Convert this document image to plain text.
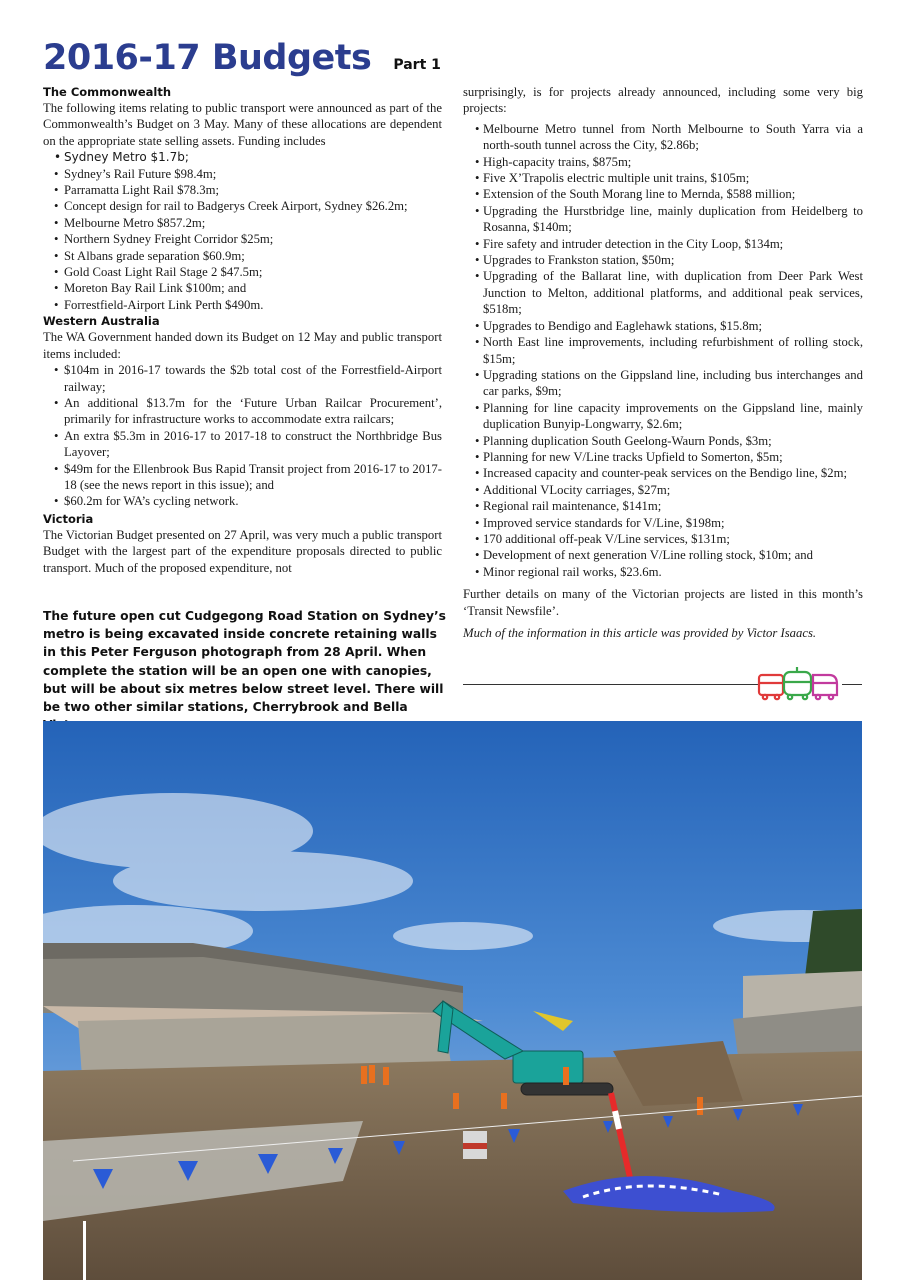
2016-17 Budgets Part 1
The Commonwealth

The following items relating to public transport were announced as part of the Commonwealth’s Budget on 3 May. Many of these allocations are dependent on the appropriate state selling assets. Funding includes

• Sydney Metro $1.7b;
• Sydney’s Rail Future $98.4m;
• Parramatta Light Rail $78.3m;
• Concept design for rail to Badgerys Creek Airport, Sydney $26.2m;
• Melbourne Metro $857.2m;
• Northern Sydney Freight Corridor $25m;
• St Albans grade separation $60.9m;
• Gold Coast Light Rail Stage 2 $47.5m;
• Moreton Bay Rail Link $100m; and
• Forrestfield-Airport Link Perth $490m.
Western Australia

The WA Government handed down its Budget on 12 May and public transport items included:

• $104m in 2016-17 towards the $2b total cost of the Forrestfield-Airport railway;
• An additional $13.7m for the ‘Future Urban Railcar Procurement’, primarily for infrastructure works to accommodate extra railcars;
• An extra $5.3m in 2016-17 to 2017-18 to construct the Northbridge Bus Layover;
• $49m for the Ellenbrook Bus Rapid Transit project from 2016-17 to 2017-18 (see the news report in this issue); and
• $60.2m for WA’s cycling network.
Victoria

The Victorian Budget presented on 27 April, was very much a public transport Budget with the largest part of the expenditure proposals directed to public transport. Much of the proposed expenditure, not

The future open cut Cudgegong Road Station on Sydney’s metro is being excavated inside concrete retaining walls in this Peter Ferguson photograph from 28 April. When complete the station will be an open one with canopies, but will be about six metres below street level. There will be two other similar stations, Cherrybrook and Bella

surprisingly, is for projects already announced, including some very big projects:

• Melbourne Metro tunnel from North Melbourne to South Yarra via a north-south tunnel across the City, $2.86b;
• High-capacity trains, $875m;
• Five X’Trapolis electric multiple unit trains, $105m;
• Extension of the South Morang line to Mernda, $588 million;
• Upgrading the Hurstbridge line, mainly duplication from Heidelberg to Rosanna, $140m;
• Fire safety and intruder detection in the City Loop, $134m;
• Upgrades to Frankston station, $50m;
• Upgrading of the Ballarat line, with duplication from Deer Park West Junction to Melton, additional platforms, and additional peak services, $518m;
• Upgrades to Bendigo and Eaglehawk stations, $15.8m;
• North East line improvements, including refurbishment of rolling stock, $15m;
• Upgrading stations on the Gippsland line, including bus interchanges and car parks, $9m;
• Planning for line capacity improvements on the Gippsland line, mainly duplication Bunyip-Longwarry, $2.6m;
• Planning duplication South Geelong-Waurn Ponds, $3m;
• Planning for new V/Line tracks Upfield to Somerton, $5m;
• Increased capacity and counter-peak services on the Bendigo line, $2m;
• Additional VLocity carriages, $27m;
• Regional rail maintenance, $141m;
• Improved service standards for V/Line, $198m;
• 170 additional off-peak V/Line services, $131m;
• Development of next generation V/Line rolling stock, $10m; and
• Minor regional rail works, $23.6m.

Further details on many of the Victorian projects are listed in this month’s ‘Transit Newsfile’.

Much of the information in this article was provided by Victor Isaacs.
